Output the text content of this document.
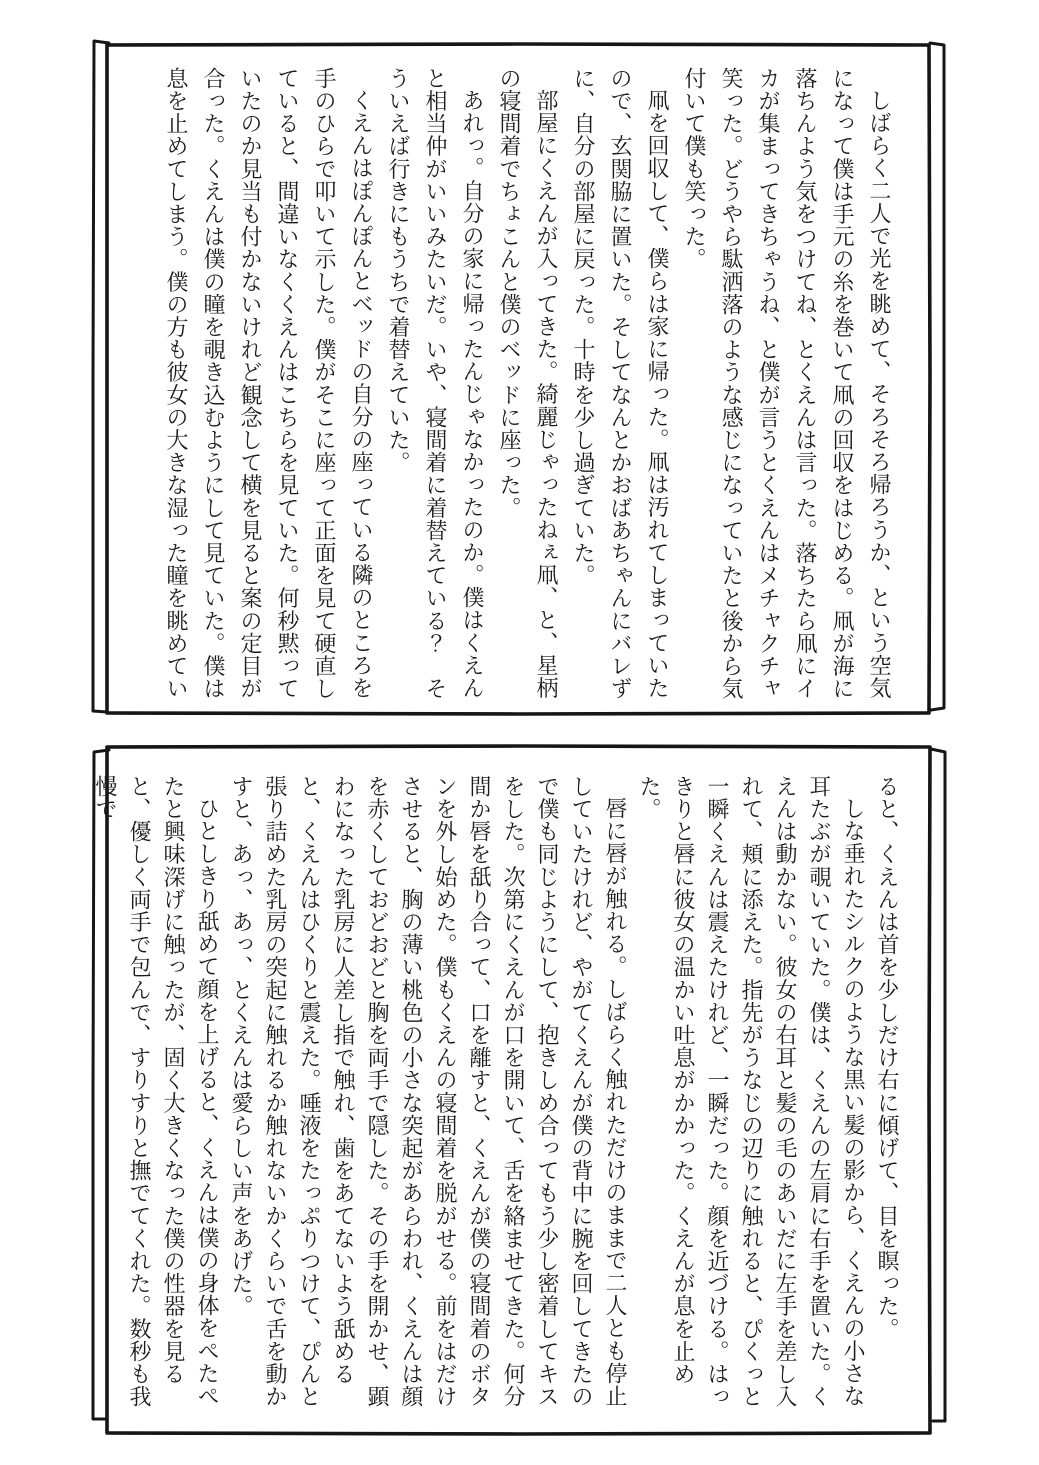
しばらく二人で光を眺めて、そろそろ帰ろうか、という空気になって僕は手元の糸を巻いて凧の回収をはじめる。凧が海に落ちんよう気をつけてね、とくえんは言った。落ちたら凧にイカが集まってきちゃうね、と僕が言うとくえんはメチャクチャ笑った。どうやら駄洒落のような感じになっていたと後から気付いて僕も笑った。

凧を回収して、僕らは家に帰った。凧は汚れてしまっていたので、玄関脇に置いた。そしてなんとかおばあちゃんにバレずに、自分の部屋に戻った。十時を少し過ぎていた。

部屋にくえんが入ってきた。綺麗じゃったねぇ凧、と、星柄の寝間着でちょこんと僕のベッドに座った。

あれっ。自分の家に帰ったんじゃなかったのか。僕はくえんと相当仲がいいみたいだ。いや、寝間着に着替えている？　そういえば行きにもうちで着替えていた。

くえんはぽんぽんとベッドの自分の座っている隣のところを手のひらで叩いて示した。僕がそこに座って正面を見て硬直していると、間違いなくくえんはこちらを見ていた。何秒黙っていたのか見当も付かないけれど観念して横を見ると案の定目が合った。くえんは僕の瞳を覗き込むようにして見ていた。僕は息を止めてしまう。僕の方も彼女の大きな湿った瞳を眺めてい

ると、くえんは首を少しだけ右に傾げて、目を瞑った。

しな垂れたシルクのような黒い髪の影から、くえんの小さな耳たぶが覗いていた。僕は、くえんの左肩に右手を置いた。くえんは動かない。彼女の右耳と髪の毛のあいだに左手を差し入れて、頬に添えた。指先がうなじの辺りに触れると、ぴくっと一瞬くえんは震えたけれど、一瞬だった。顔を近づける。はっきりと唇に彼女の温かい吐息がかかった。くえんが息を止めた。

唇に唇が触れる。しばらく触れただけのままで二人とも停止していたけれど、やがてくえんが僕の背中に腕を回してきたので僕も同じようにして、抱きしめ合ってもう少し密着してキスをした。次第にくえんが口を開いて、舌を絡ませてきた。何分間か唇を舐り合って、口を離すと、くえんが僕の寝間着のボタンを外し始めた。僕もくえんの寝間着を脱がせる。前をはだけさせると、胸の薄い桃色の小さな突起があらわれ、くえんは顔を赤くしておどおどと胸を両手で隠した。その手を開かせ、顕わになった乳房に人差し指で触れ、歯をあてないよう舐めると、くえんはひくりと震えた。唾液をたっぷりつけて、ぴんと張り詰めた乳房の突起に触れるか触れないかくらいで舌を動かすと、あっ、あっ、とくえんは愛らしい声をあげた。

ひとしきり舐めて顔を上げると、くえんは僕の身体をぺたぺたと興味深げに触ったが、固く大きくなった僕の性器を見ると、優しく両手で包んで、すりすりと撫でてくれた。数秒も我慢で
